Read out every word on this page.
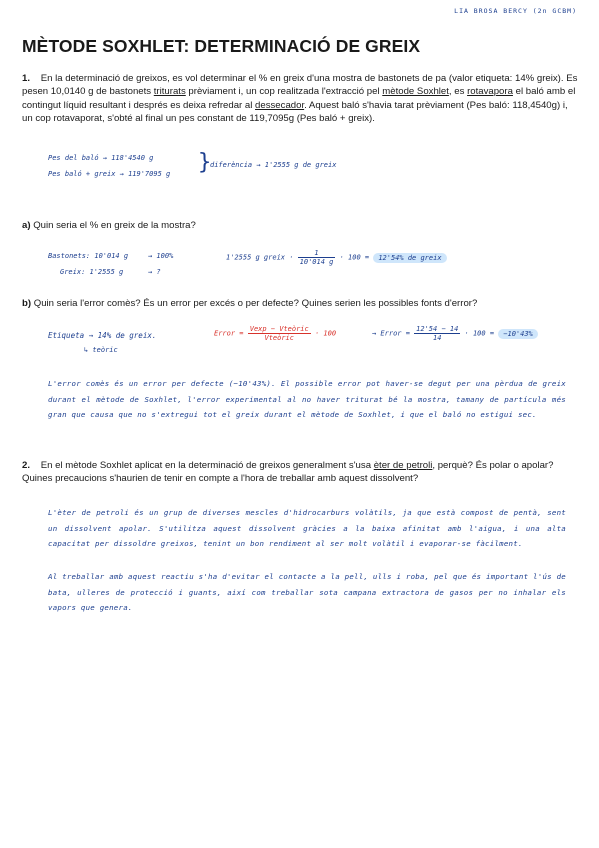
LIA BROSA BERCY (2n GCBM)
MÈTODE SOXHLET: DETERMINACIÓ DE GREIX
1. En la determinació de greixos, es vol determinar el % en greix d'una mostra de bastonets de pa (valor etiqueta: 14% greix). Es pesen 10,0140 g de bastonets triturats prèviament i, un cop realitzada l'extracció pel mètode Soxhlet, es rotavapora el baló amb el contingut líquid resultant i després es deixa refredar al dessecador. Aquest baló s'havia tarat prèviament (Pes baló: 118,4540g) i, un cop rotavaporat, s'obté al final un pes constant de 119,7095g (Pes baló + greix).
Pes del baló → 118'4540 g
Pes baló + greix → 119'7095 g }
diferència → 1'2555 g de greix
a) Quin seria el % en greix de la mostra?
Bastonets: 10'014 g	→ 100%
Greix: 1'2555 g	→ ?
1'2555 g greix · $\frac{1}{10'014 g} \cdot 100 = 12'54\%$ de greix
b) Quin seria l'error comès? És un error per excés o per defecte? Quines serien les possibles fonts d'error?
Etiqueta → 14% de greix.
↳ teòric
Error = $\frac{\text{Vexp − Vteòric}}{\text{Vteòric}} \cdot 100$	→ Error = $\frac{12'54 - 14}{14} \cdot 100 = -10'43\%$
L'error comès és un error per defecte (−10'43%). El possible error pot haver-se degut per una pèrdua de greix durant el mètode de Soxhlet, l'error experimental al no haver triturat bé la mostra, tamany de partícula més gran que causa que no s'extregui tot el greix durant el mètode de Soxhlet, i que el baló no estigui sec.
2. En el mètode Soxhlet aplicat en la determinació de greixos generalment s'usa èter de petroli, perquè? És polar o apolar? Quines precaucions s'haurien de tenir en compte a l'hora de treballar amb aquest dissolvent?
L'èter de petroli és un grup de diverses mescles d'hidrocarburs volàtils, ja que està compost de pentà, sent un dissolvent apolar. S'utilitza aquest dissolvent gràcies a la baixa afinitat amb l'aigua, i una alta capacitat per dissoldre greixos, tenint un bon rendiment al ser molt volàtil i evaporar-se fàcilment.
Al treballar amb aquest reactiu s'ha d'evitar el contacte a la pell, ulls i roba, pel que és important l'ús de bata, ulleres de protecció i guants, així com treballar sota campana extractora de gasos per no inhalar els vapors que genera.
